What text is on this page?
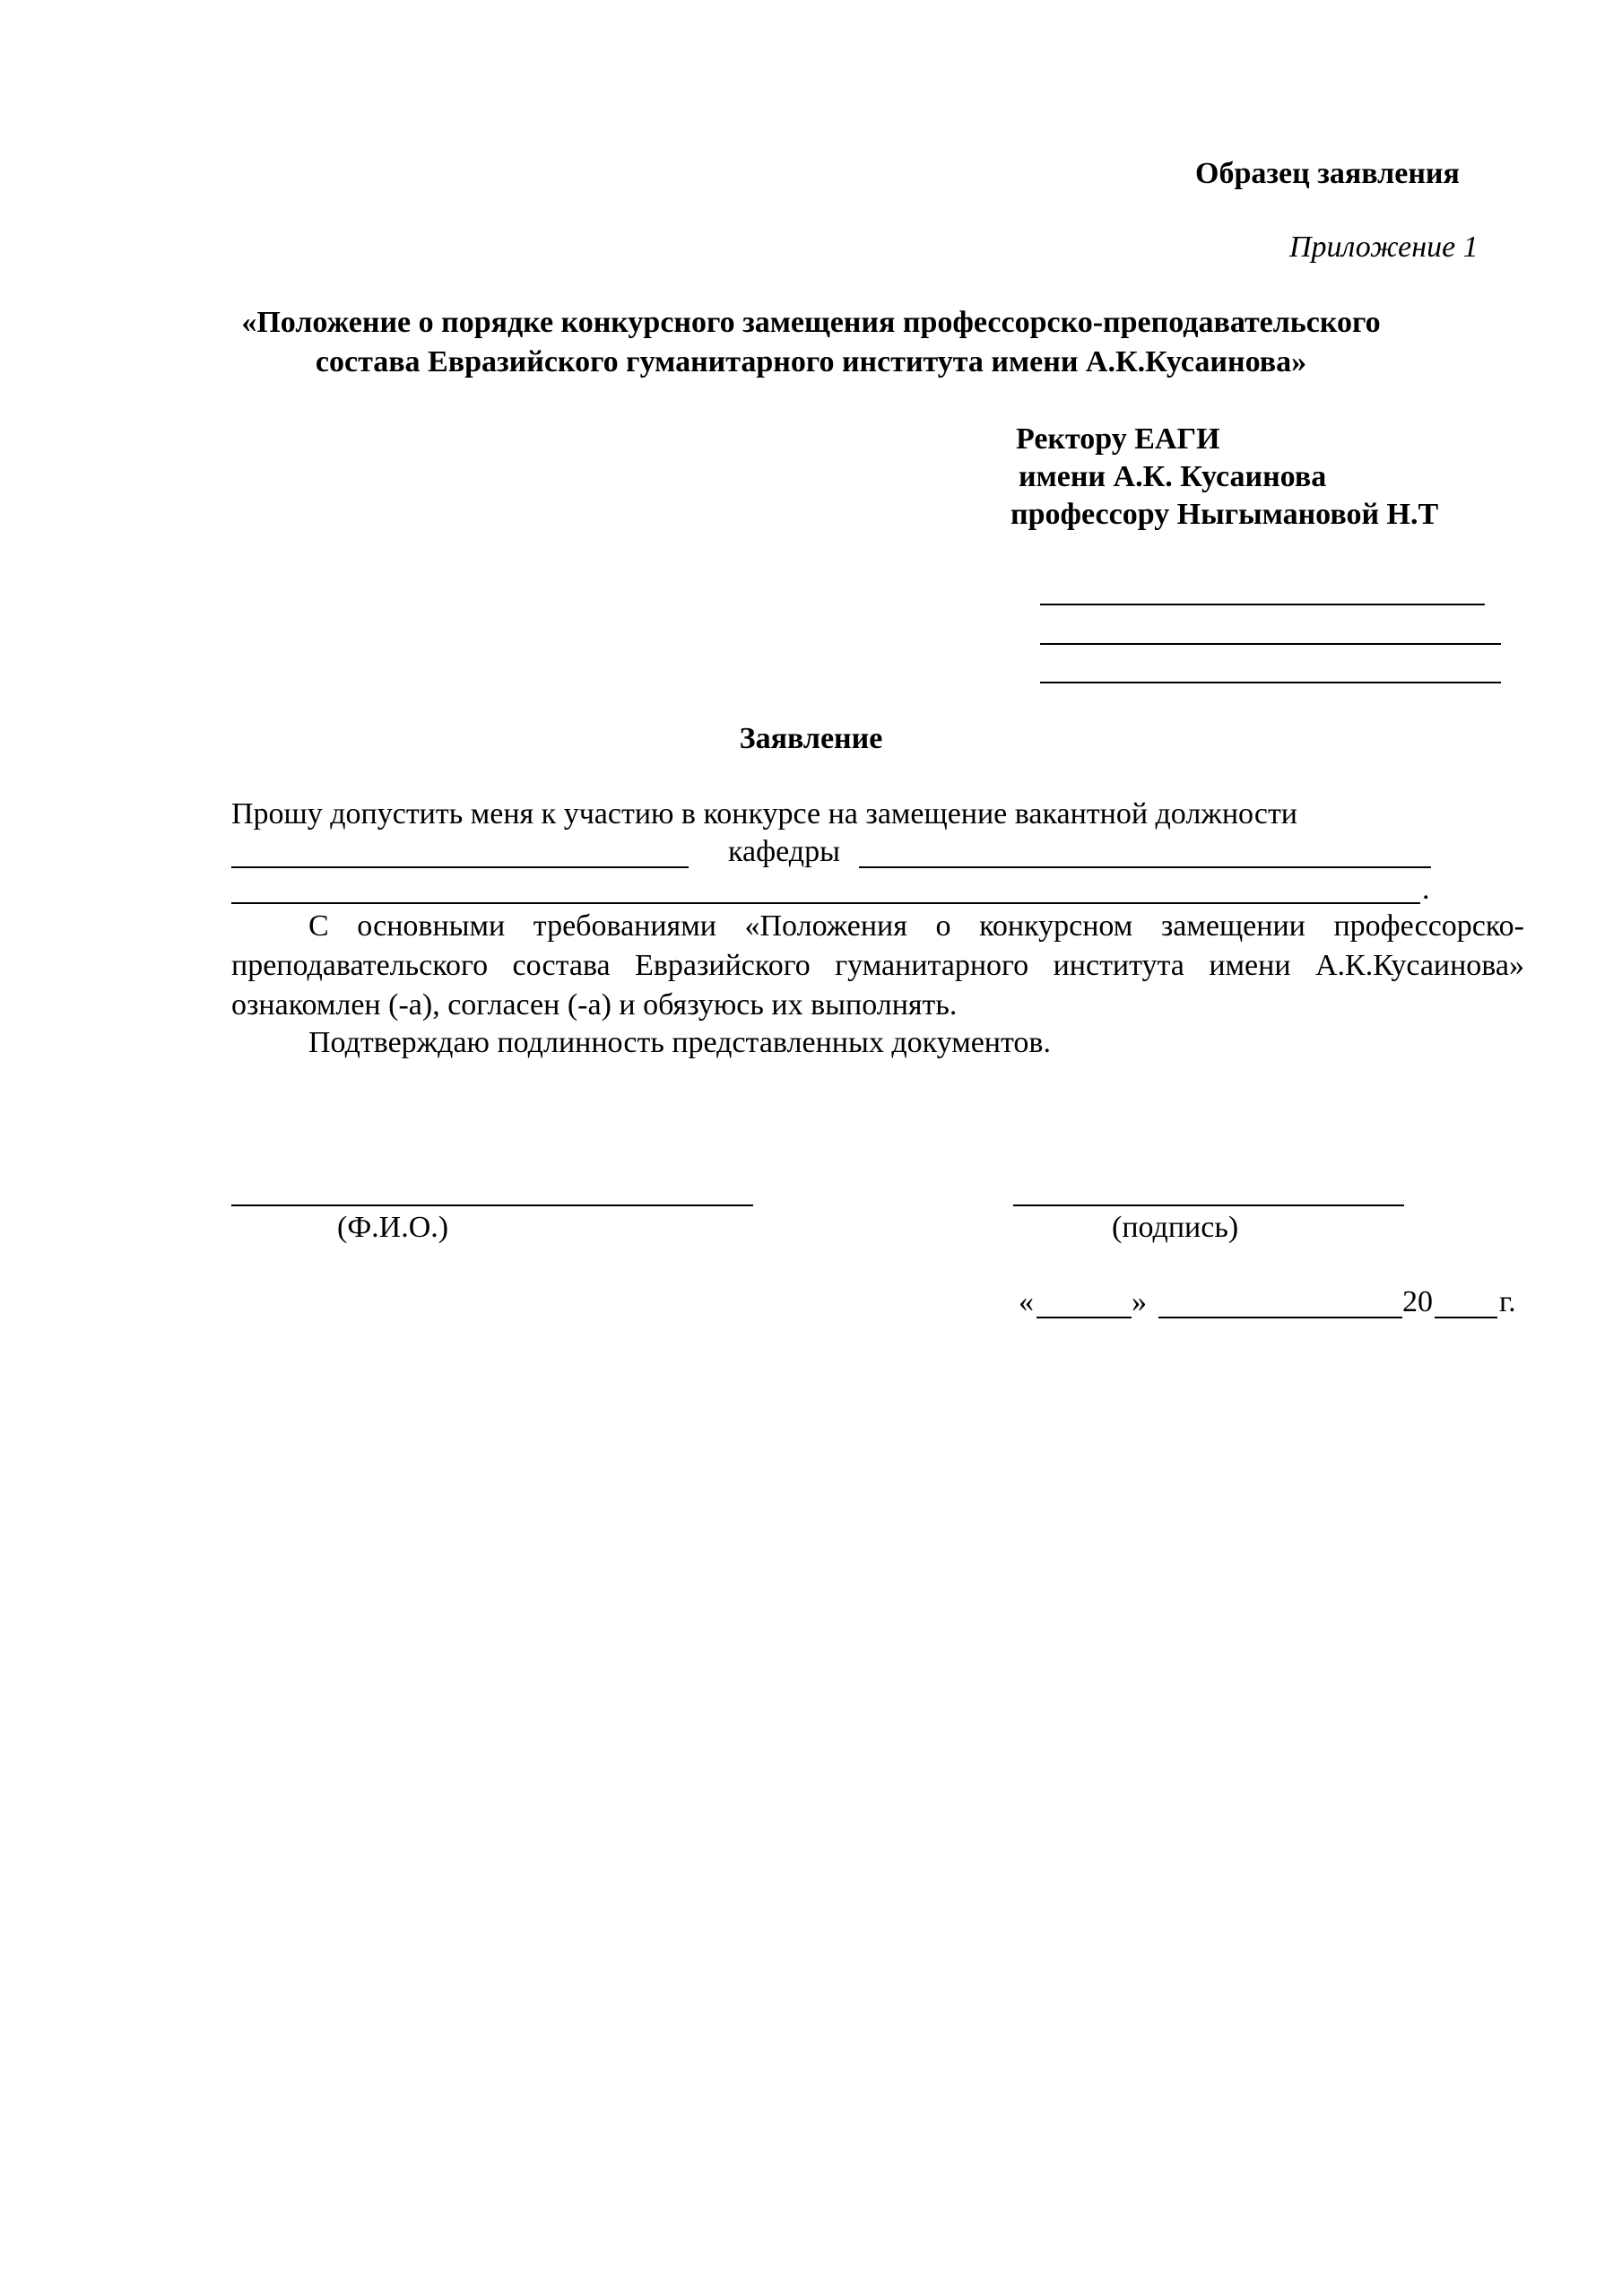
Образец заявления
Приложение 1
«Положение о порядке конкурсного замещения профессорско-преподавательского
состава Евразийского гуманитарного института имени А.К.Кусаинова»
Ректору ЕАГИ
имени А.К. Кусаинова
профессору Ныгымановой Н.Т
Заявление
Прошу допустить меня к участию в конкурсе на замещение вакантной должности
кафедры
.
С основными требованиями «Положения о конкурсном замещении профессорско-
преподавательского состава Евразийского гуманитарного института имени А.К.Кусаинова»
ознакомлен (-а), согласен (-а) и обязуюсь их выполнять.
Подтверждаю подлинность представленных документов.
(Ф.И.О.)	(подпись)
«	»	20 г.
